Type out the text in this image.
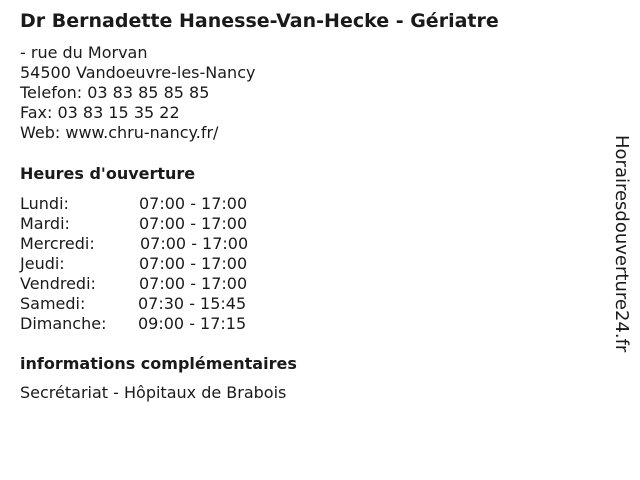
Dr Bernadette Hanesse-Van-Hecke - Gériatre
- rue du Morvan
54500 Vandoeuvre-les-Nancy
Telefon: 03 83 85 85 85
Fax: 03 83 15 35 22
Web: www.chru-nancy.fr/
Heures d'ouverture
Lundi:	07:00 - 17:00
Mardi:	07:00 - 17:00
Mercredi:	07:00 - 17:00
Jeudi:	07:00 - 17:00
Vendredi:	07:00 - 17:00
Samedi:	07:30 - 15:45
Dimanche: 09:00 - 17:15
informations complémentaires
Secrétariat - Hôpitaux de Brabois
Horairesdouverture24.fr
